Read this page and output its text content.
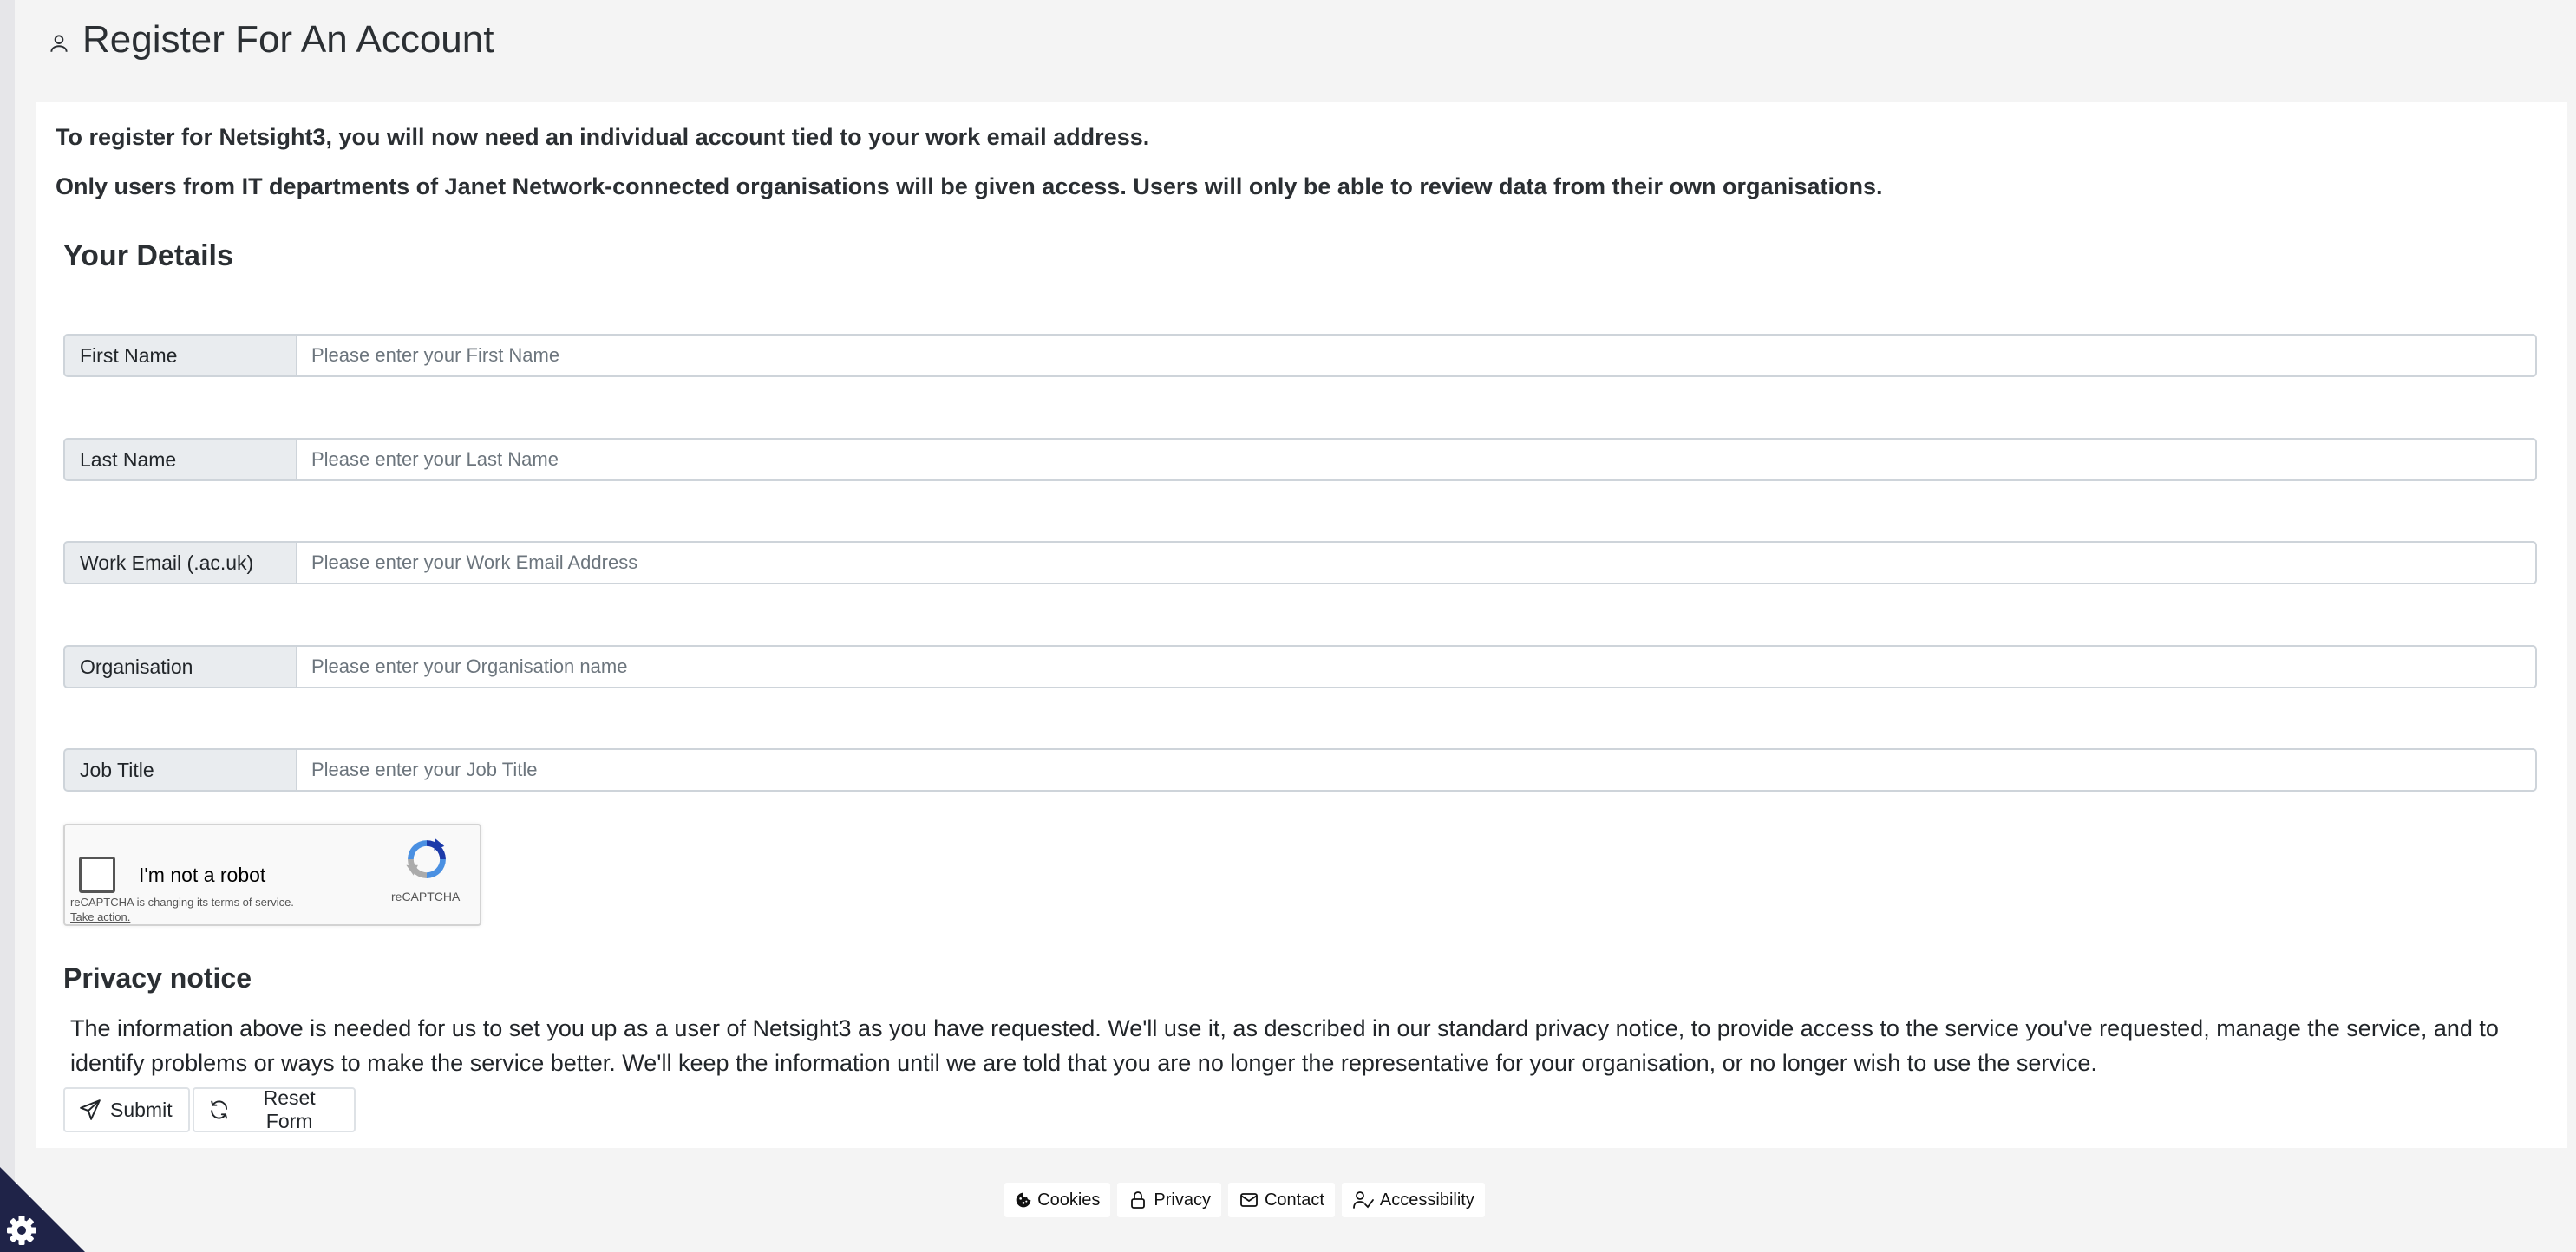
Register For An Account

To register for Netsight3, you will now need an individual account tied to your work email address.

Only users from IT departments of Janet Network-connected organisations will be given access. Users will only be able to review data from their own organisations.

Your Details
First Name
Please enter your First Name
Last Name
Please enter your Last Name
Work Email (.ac.uk)
Please enter your Work Email Address
Organisation
Please enter your Organisation name
Job Title
Please enter your Job Title
I'm not a robot
reCAPTCHA is changing its terms of service.
Take action.
reCAPTCHA
Privacy notice

The information above is needed for us to set you up as a user of Netsight3 as you have requested. We'll use it, as described in our standard privacy notice, to provide access to the service you've requested, manage the service, and to identify problems or ways to make the service better. We'll keep the information until we are told that you are no longer the representative for your organisation, or no longer wish to use the service.

Submit
Reset Form
Cookies	Privacy	Contact	Accessibility
